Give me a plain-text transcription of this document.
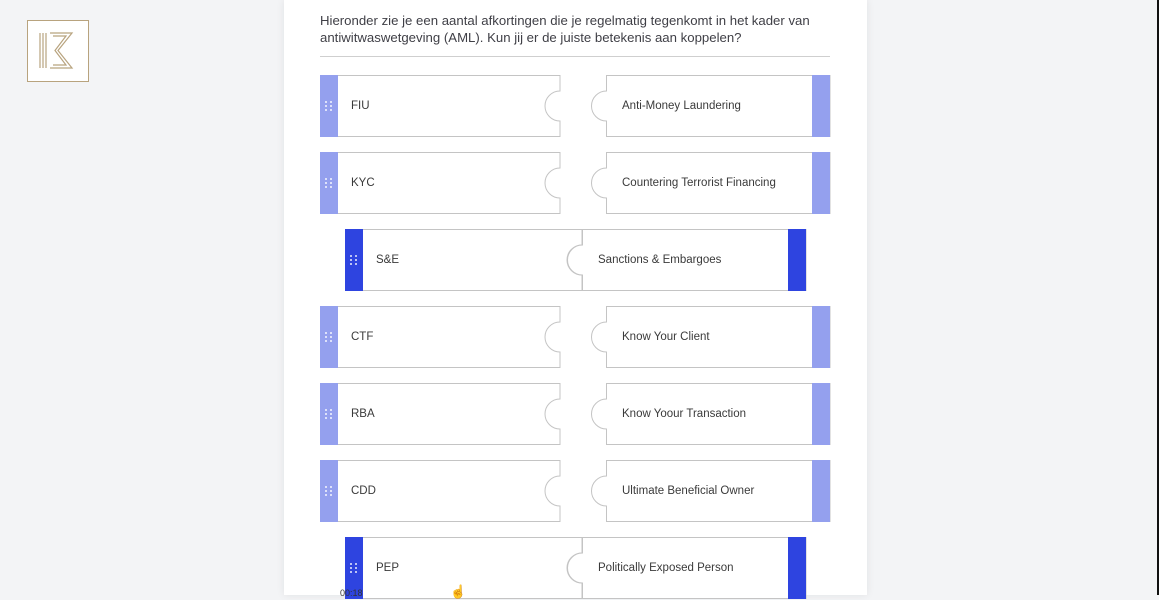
Hieronder zie je een aantal afkortingen die je regelmatig tegenkomt in het kader van antiwitwaswetgeving (AML). Kun jij er de juiste betekenis aan koppelen?

FIU	Anti-Money Laundering
KYC	Countering Terrorist Financing
S&E	Sanctions & Embargoes
CTF	Know Your Client
RBA	Know Yoour Transaction
CDD	Ultimate Beneficial Owner
PEP	Politically Exposed Person
00:18	☝
